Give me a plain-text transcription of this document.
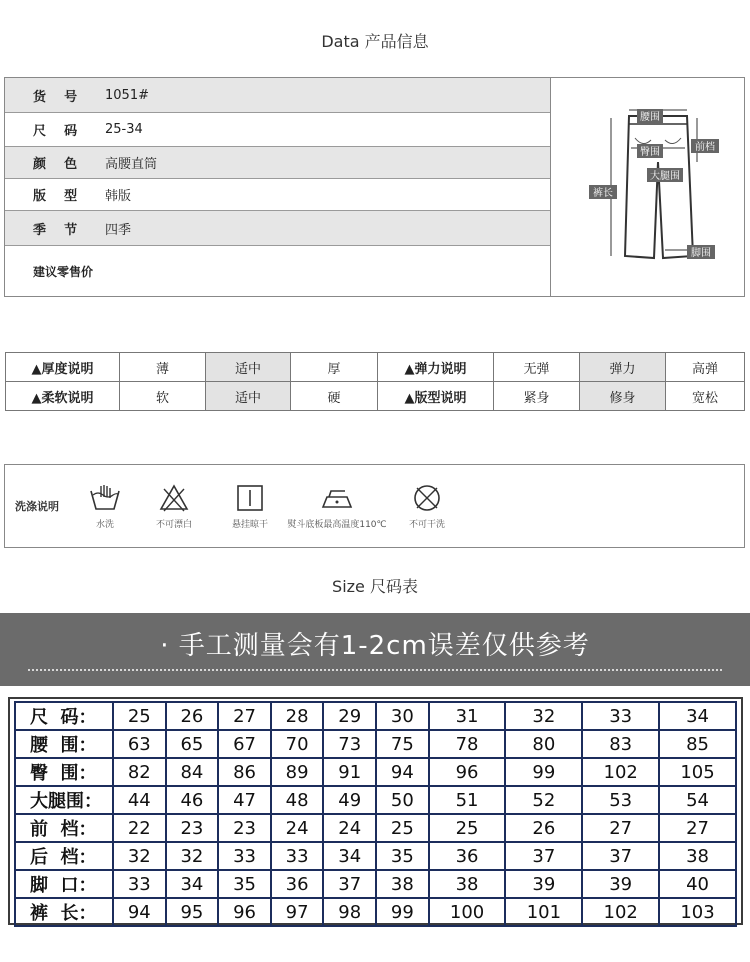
Data 产品信息
货    号	1051#
尺    码	25-34
颜    色	高腰直筒
版    型	韩版
季    节	四季
建议零售价
腰围
臀围	前档
大腿围
裤长
脚围
▲厚度说明	薄	适中	厚	▲弹力说明	无弹	弹力	高弹
▲柔软说明	软	适中	硬	▲版型说明	紧身	修身	宽松
洗涤说明
水洗	不可漂白	悬挂晾干	熨斗底板最高温度110℃	不可干洗
Size 尺码表
· 手工测量会有1-2cm误差仅供参考
尺  码：	25	26	27	28	29	30	31	32	33	34
腰  围：	63	65	67	70	73	75	78	80	83	85
臀  围：	82	84	86	89	91	94	96	99	102	105
大腿围：	44	46	47	48	49	50	51	52	53	54
前  档：	22	23	23	24	24	25	25	26	27	27
后  档：	32	32	33	33	34	35	36	37	37	38
脚  口：	33	34	35	36	37	38	38	39	39	40
裤  长：	94	95	96	97	98	99	100	101	102	103
